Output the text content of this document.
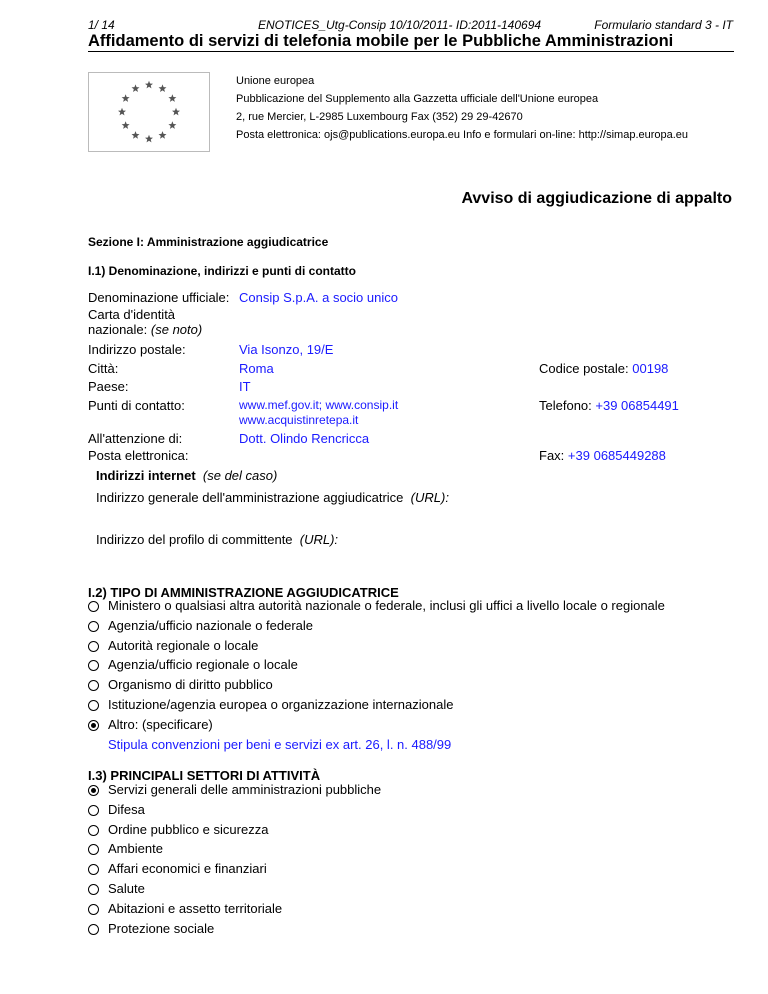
1/ 14	ENOTICES_Utg-Consip 10/10/2011- ID:2011-140694	Formulario standard 3 - IT
Affidamento di servizi di telefonia mobile per le Pubbliche Amministrazioni
Unione europea
Pubblicazione del Supplemento alla Gazzetta ufficiale dell'Unione europea
2, rue Mercier, L-2985 Luxembourg Fax (352) 29 29-42670
Posta elettronica: ojs@publications.europa.eu Info e formulari on-line: http://simap.europa.eu
Avviso di aggiudicazione di appalto
Sezione I: Amministrazione aggiudicatrice
I.1) Denominazione, indirizzi e punti di contatto
Denominazione ufficiale: Consip S.p.A. a socio unico
Carta d'identità
nazionale: (se noto)
Indirizzo postale:	Via Isonzo, 19/E
Città:	Roma	Codice postale: 00198
Paese:	IT
Punti di contatto:	www.mef.gov.it; www.consip.it
www.acquistinretepa.it
Telefono: +39 06854491
All'attenzione di:	Dott. Olindo Rencricca
Posta elettronica:	Fax: +39 0685449288
Indirizzi internet (se del caso)
Indirizzo generale dell'amministrazione aggiudicatrice (URL):
Indirizzo del profilo di committente (URL):
I.2) TIPO DI AMMINISTRAZIONE AGGIUDICATRICE
Ministero o qualsiasi altra autorità nazionale o federale, inclusi gli uffici a livello locale o regionale
Agenzia/ufficio nazionale o federale
Autorità regionale o locale
Agenzia/ufficio regionale o locale
Organismo di diritto pubblico
Istituzione/agenzia europea o organizzazione internazionale
Altro: (specificare)
Stipula convenzioni per beni e servizi ex art. 26, l. n. 488/99
I.3) PRINCIPALI SETTORI DI ATTIVITÀ
Servizi generali delle amministrazioni pubbliche
Difesa
Ordine pubblico e sicurezza
Ambiente
Affari economici e finanziari
Salute
Abitazioni e assetto territoriale
Protezione sociale
